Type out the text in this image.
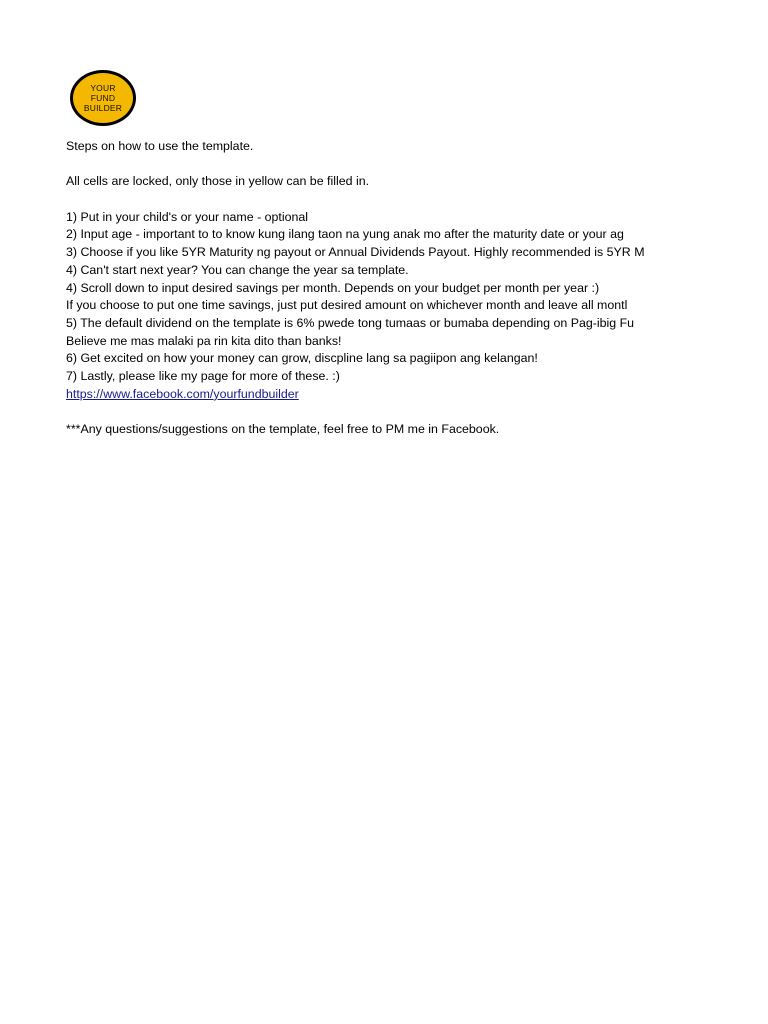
YOUR
FUND
BUILDER
Steps on how to use the template.
All cells are locked, only those in yellow can be filled in.
1) Put in your child's or your name - optional
2) Input age - important to to know kung ilang taon na yung anak mo after the maturity date or your ag
3) Choose if you like 5YR Maturity ng payout or Annual Dividends Payout. Highly recommended is 5YR M
4) Can't start next year? You can change the year sa template.
4) Scroll down to input desired savings per month. Depends on your budget per month per year :)
If you choose to put one time savings, just put desired amount on whichever month and leave all montl
5) The default dividend on the template is 6% pwede tong tumaas or bumaba depending on Pag-ibig Fu
Believe me mas malaki pa rin kita dito than banks!
6) Get excited on how your money can grow, discpline lang sa pagiipon ang kelangan!
7) Lastly, please like my page for more of these. :)
https://www.facebook.com/yourfundbuilder
***Any questions/suggestions on the template, feel free to PM me in Facebook.
